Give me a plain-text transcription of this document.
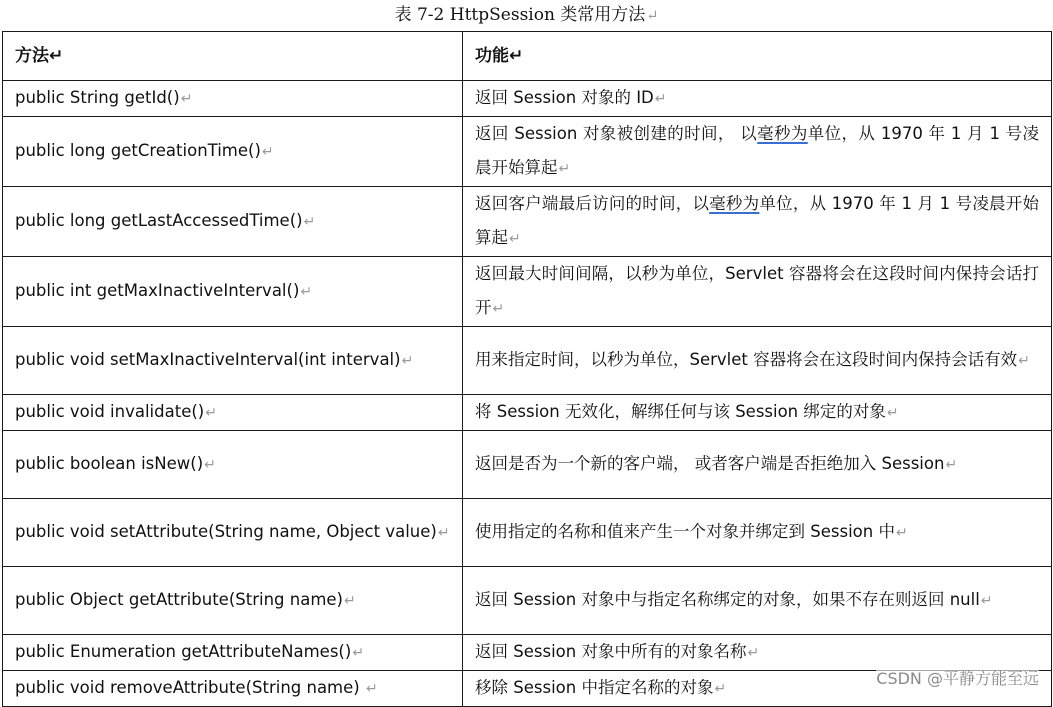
表 7-2 HttpSession 类常用方法↵
方法↵	功能↵
public String getId()↵	返回 Session 对象的 ID↵
public long getCreationTime()↵	返回 Session 对象被创建的时间， 以毫秒为单位，从 1970 年 1 月 1 号凌晨开始算起↵
public long getLastAccessedTime()↵	返回客户端最后访问的时间，以毫秒为单位，从 1970 年 1 月 1 号凌晨开始算起↵
public int getMaxInactiveInterval()↵	返回最大时间间隔，以秒为单位，Servlet 容器将会在这段时间内保持会话打开↵
public void setMaxInactiveInterval(int interval)↵	用来指定时间，以秒为单位，Servlet 容器将会在这段时间内保持会话有效↵
public void invalidate()↵	将 Session 无效化，解绑任何与该 Session 绑定的对象↵
public boolean isNew()↵	返回是否为一个新的客户端， 或者客户端是否拒绝加入 Session↵
public void setAttribute(String name, Object value)↵	使用指定的名称和值来产生一个对象并绑定到 Session 中↵
public Object getAttribute(String name)↵	返回 Session 对象中与指定名称绑定的对象，如果不存在则返回 null↵
public Enumeration getAttributeNames()↵	返回 Session 对象中所有的对象名称↵
public void removeAttribute(String name) ↵	移除 Session 中指定名称的对象↵
CSDN @平静方能至远
